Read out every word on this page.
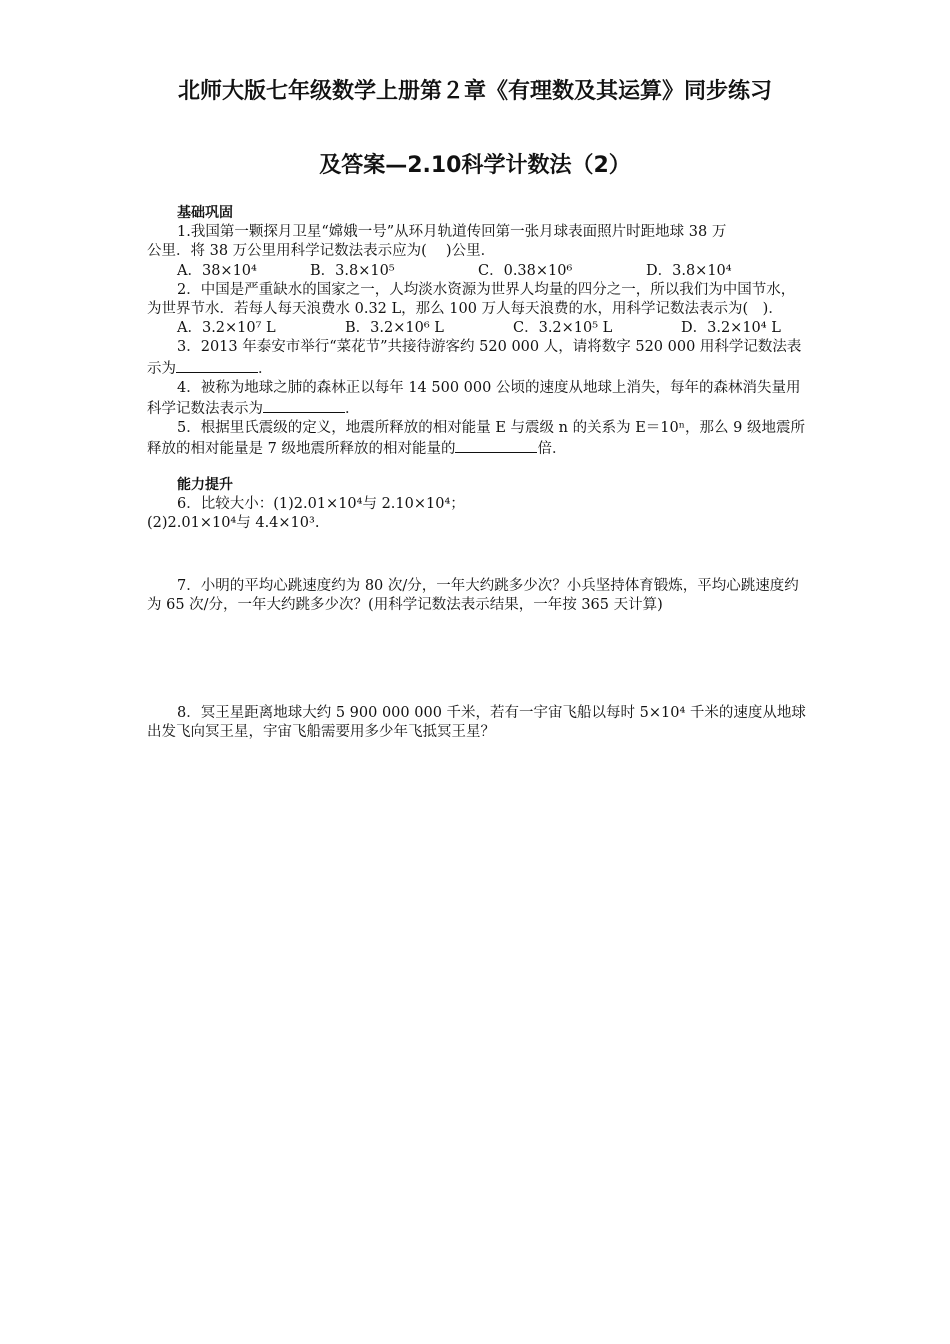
北师大版七年级数学上册第２章《有理数及其运算》同步练习
及答案—2.10科学计数法（2）
基础巩固
1.我国第一颗探月卫星“嫦娥一号”从环月轨道传回第一张月球表面照片时距地球 38 万
公里．将 38 万公里用科学记数法表示应为(　 )公里．
A．38×10⁴	B．3.8×10⁵	C．0.38×10⁶	D．3.8×10⁴

2．中国是严重缺水的国家之一，人均淡水资源为世界人均量的四分之一，所以我们为中国节水，为世界节水．若每人每天浪费水 0.32 L，那么 100 万人每天浪费的水，用科学记数法表示为(　)．

A．3.2×10⁷ L	B．3.2×10⁶ L	C．3.2×10⁵ L	D．3.2×10⁴ L

3．2013 年泰安市举行“菜花节”共接待游客约 520 000 人，请将数字 520 000 用科学记数法表示为	．

4．被称为地球之肺的森林正以每年 14 500 000 公顷的速度从地球上消失，每年的森林消失量用科学记数法表示为	．

5．根据里氏震级的定义，地震所释放的相对能量 E 与震级 n 的关系为 E＝10ⁿ，那么 9 级地震所释放的相对能量是 7 级地震所释放的相对能量的	倍．

能力提升
6．比较大小：(1)2.01×10⁴与 2.10×10⁴；
(2)2.01×10⁴与 4.4×10³.

7．小明的平均心跳速度约为 80 次/分，一年大约跳多少次？小兵坚持体育锻炼，平均心跳速度约为 65 次/分，一年大约跳多少次？(用科学记数法表示结果，一年按 365 天计算)

8．冥王星距离地球大约 5 900 000 000 千米，若有一宇宙飞船以每时 5×10⁴ 千米的速度从地球出发飞向冥王星，宇宙飞船需要用多少年飞抵冥王星？
